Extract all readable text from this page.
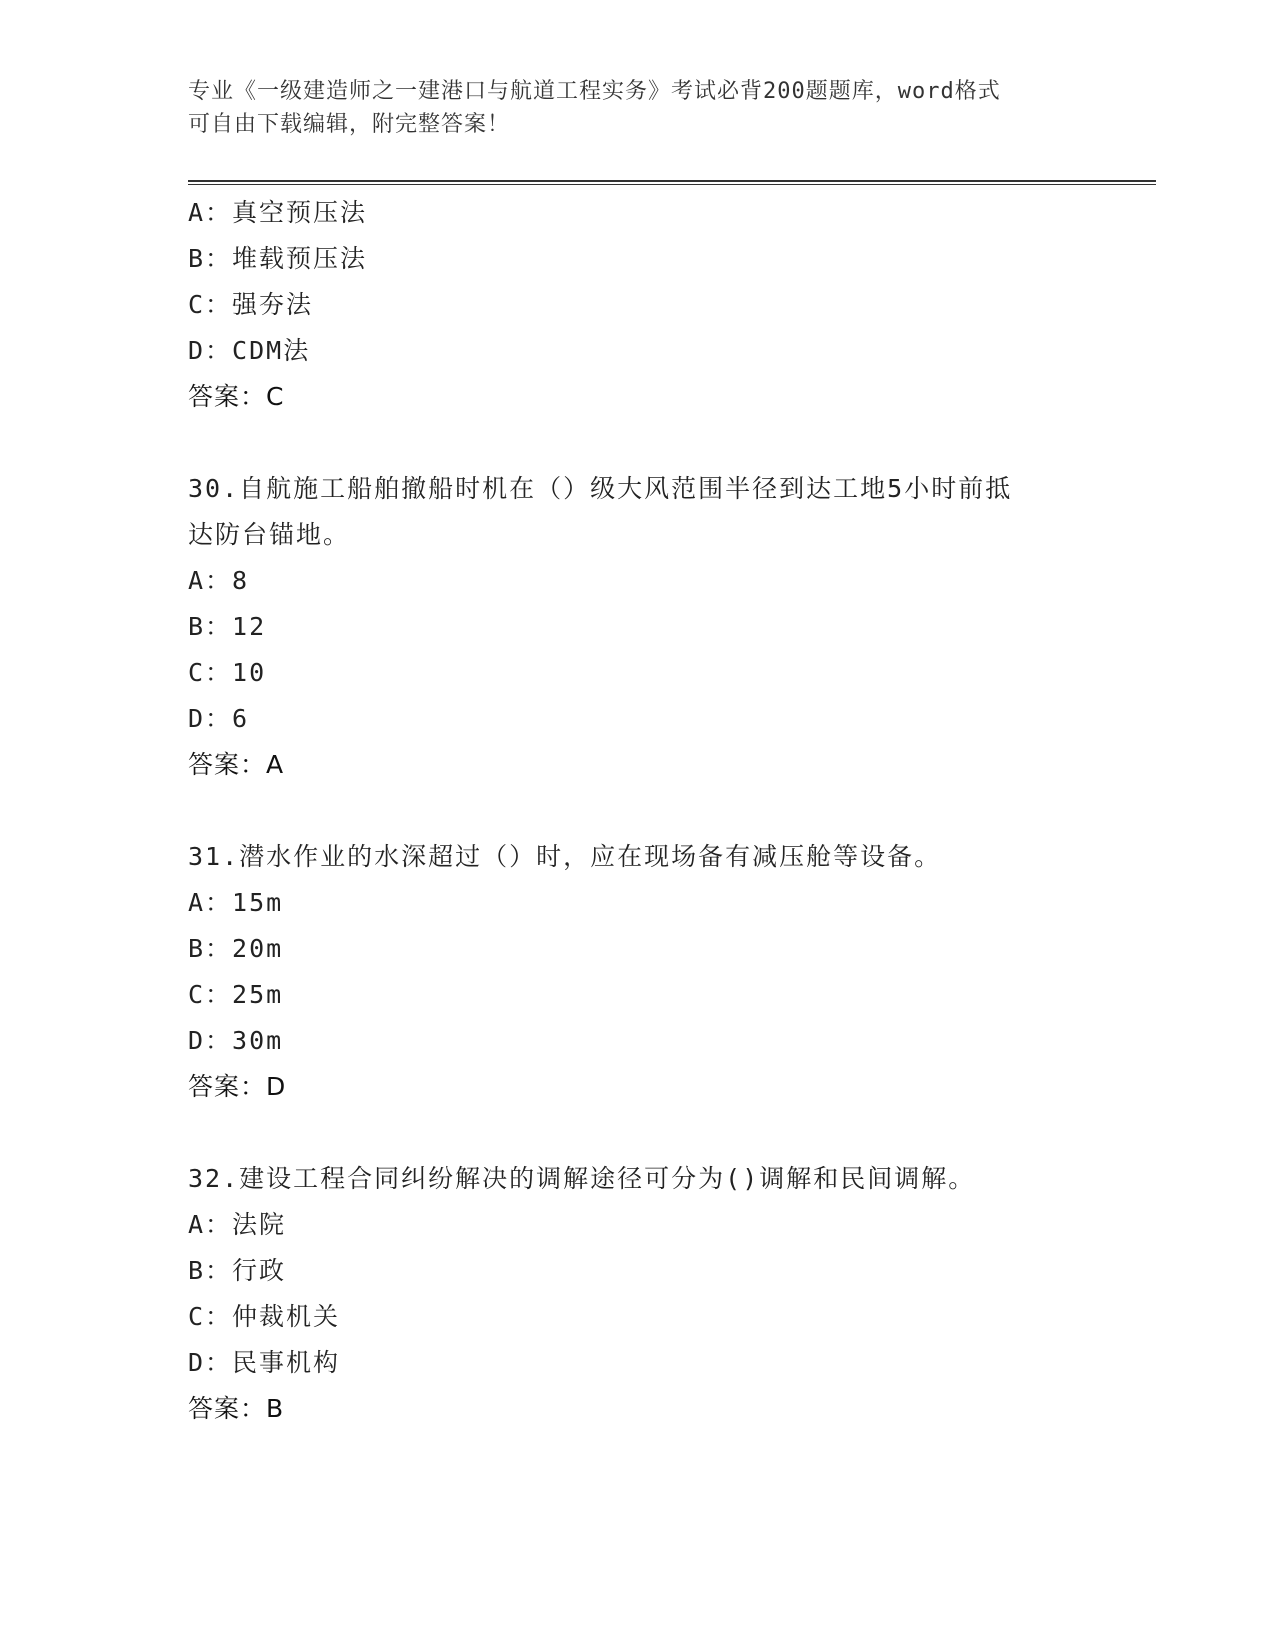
专业《一级建造师之一建港口与航道工程实务》考试必背200题题库，word格式
可自由下载编辑，附完整答案！
A：真空预压法
B：堆载预压法
C：强夯法
D：CDM法
答案：C
30.自航施工船舶撤船时机在（）级大风范围半径到达工地5小时前抵
达防台锚地。
A：8
B：12
C：10
D：6
答案：A
31.潜水作业的水深超过（）时，应在现场备有减压舱等设备。
A：15m
B：20m
C：25m
D：30m
答案：D
32.建设工程合同纠纷解决的调解途径可分为()调解和民间调解。
A：法院
B：行政
C：仲裁机关
D：民事机构
答案：B
